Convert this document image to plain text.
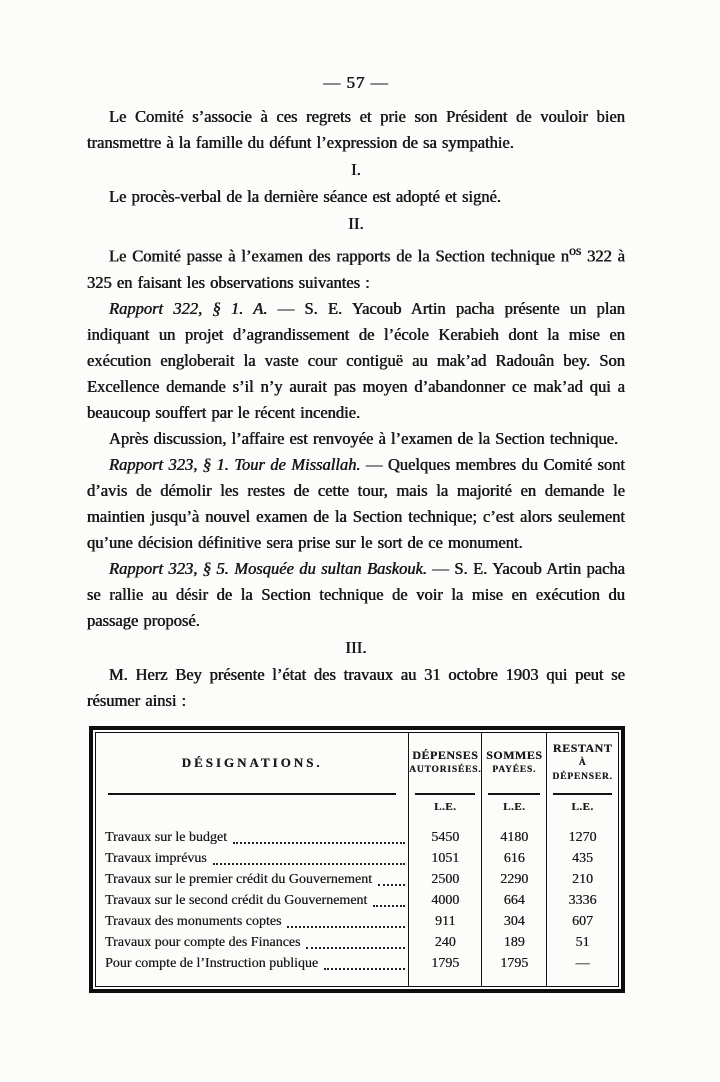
— 57 —

Le Comité s’associe à ces regrets et prie son Président de vouloir bien transmettre à la famille du défunt l’expression de sa sympathie.

I.

Le procès-verbal de la dernière séance est adopté et signé.

II.

Le Comité passe à l’examen des rapports de la Section technique $n^{os}$ 322 à 325 en faisant les observations suivantes :

Rapport 322, § 1. A. — S. E. Yacoub Artin pacha présente un plan indiquant un projet d’agrandissement de l’école Kerabieh dont la mise en exécution engloberait la vaste cour contiguë au mak’ad Radouân bey. Son Excellence demande s’il n’y aurait pas moyen d’abandonner ce mak’ad qui a beaucoup souffert par le récent incendie.

Après discussion, l’affaire est renvoyée à l’examen de la Section technique.

Rapport 323, § 1. Tour de Missallah. — Quelques membres du Comité sont d’avis de démolir les restes de cette tour, mais la majorité en demande le maintien jusqu’à nouvel examen de la Section technique; c’est alors seulement qu’une décision définitive sera prise sur le sort de ce monument.

Rapport 323, § 5. Mosquée du sultan Baskouk. — S. E. Yacoub Artin pacha se rallie au désir de la Section technique de voir la mise en exécution du passage proposé.

III.

M. Herz Bey présente l’état des travaux au 31 octobre 1903 qui peut se résumer ainsi :

DÉSIGNATIONS.
Travaux sur le budget
Travaux imprévus
Travaux sur le premier crédit du Gouvernement
Travaux sur le second crédit du Gouvernement
Travaux des monuments coptes
Travaux pour compte des Finances
Pour compte de l’Instruction publique
DÉPENSES
AUTORISÉES.
L.E.
5450
1051
2500
4000
911
240
1795
SOMMES
PAYÉES.
L.E.
4180
616
2290
664
304
189
1795
RESTANT
À DÉPENSER.
L.E.
1270
435
210
3336
607
51
—
